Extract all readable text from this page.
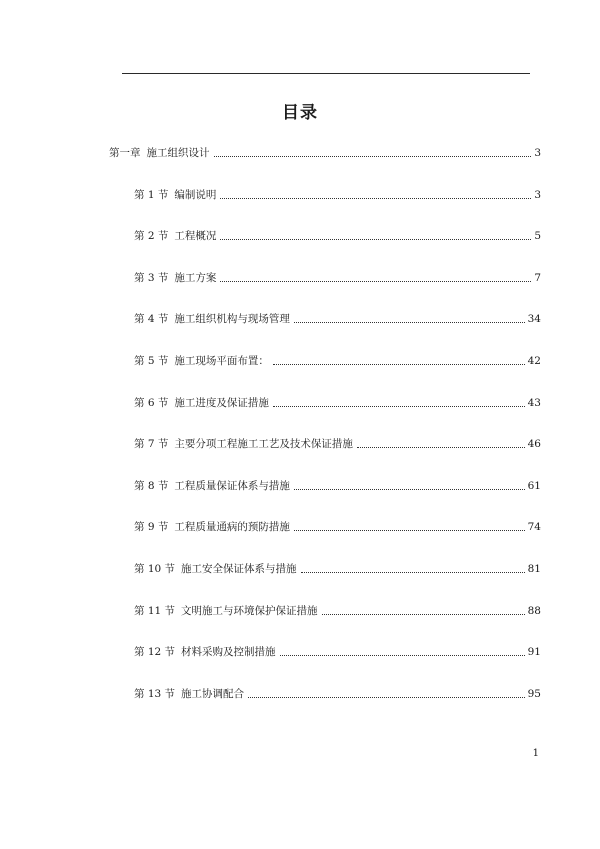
目录
第一章 施工组织设计	3
第 1 节 编制说明	3
第 2 节 工程概况	5
第 3 节 施工方案	7
第 4 节 施工组织机构与现场管理	34
第 5 节 施工现场平面布置：	42
第 6 节 施工进度及保证措施	43
第 7 节 主要分项工程施工工艺及技术保证措施	46
第 8 节 工程质量保证体系与措施	61
第 9 节 工程质量通病的预防措施	74
第 10 节 施工安全保证体系与措施	81
第 11 节 文明施工与环境保护保证措施	88
第 12 节 材料采购及控制措施	91
第 13 节 施工协调配合	95
1
